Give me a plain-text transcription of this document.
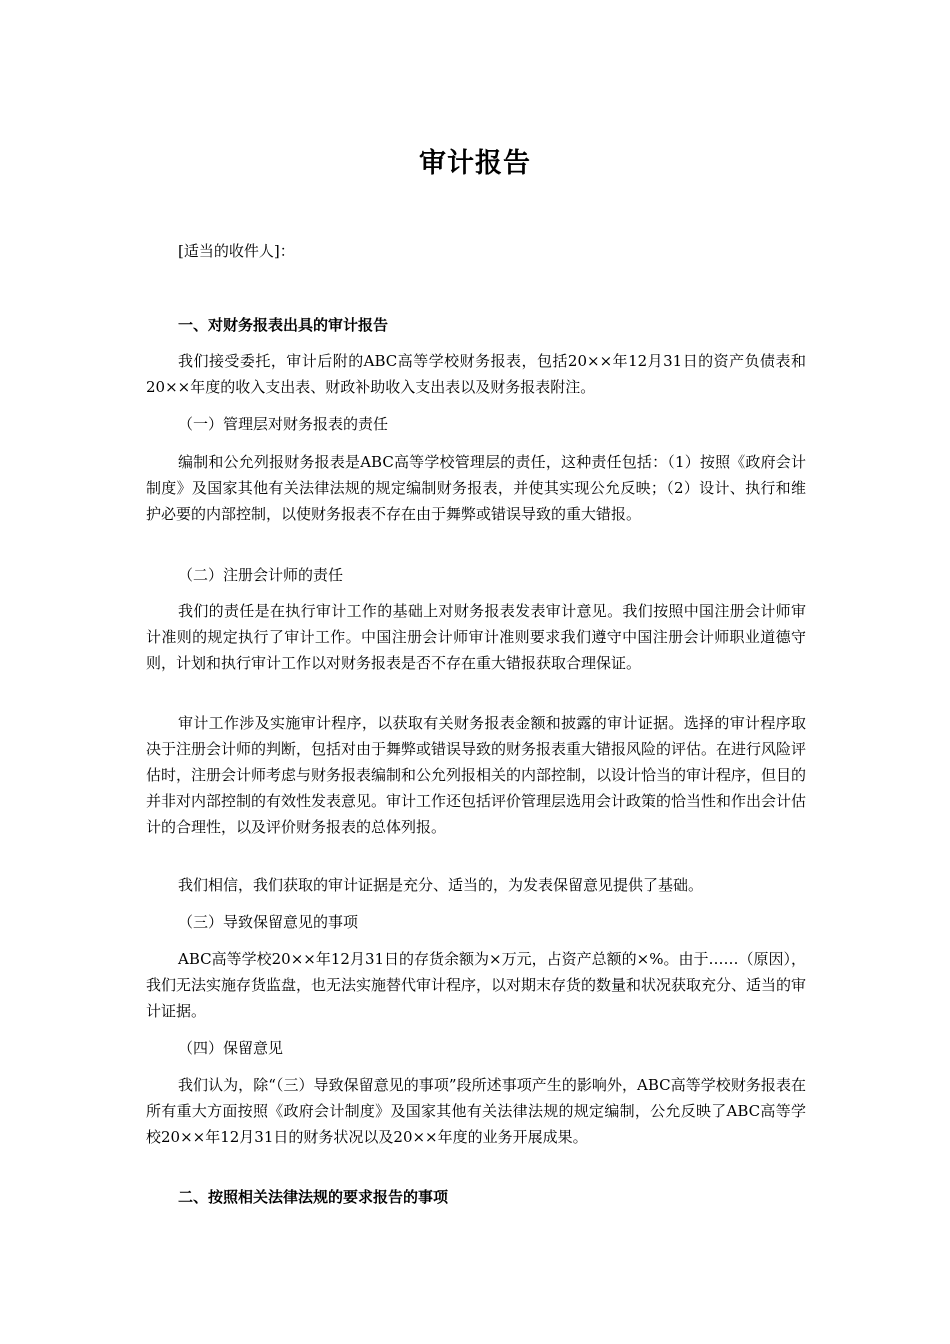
审计报告
[适当的收件人]：
一、对财务报表出具的审计报告
我们接受委托，审计后附的ABC高等学校财务报表，包括20××年12月31日的资产负债表和20××年度的收入支出表、财政补助收入支出表以及财务报表附注。
（一）管理层对财务报表的责任
编制和公允列报财务报表是ABC高等学校管理层的责任，这种责任包括：（1）按照《政府会计制度》及国家其他有关法律法规的规定编制财务报表，并使其实现公允反映；（2）设计、执行和维护必要的内部控制，以使财务报表不存在由于舞弊或错误导致的重大错报。
（二）注册会计师的责任
我们的责任是在执行审计工作的基础上对财务报表发表审计意见。我们按照中国注册会计师审计准则的规定执行了审计工作。中国注册会计师审计准则要求我们遵守中国注册会计师职业道德守则，计划和执行审计工作以对财务报表是否不存在重大错报获取合理保证。
审计工作涉及实施审计程序，以获取有关财务报表金额和披露的审计证据。选择的审计程序取决于注册会计师的判断，包括对由于舞弊或错误导致的财务报表重大错报风险的评估。在进行风险评估时，注册会计师考虑与财务报表编制和公允列报相关的内部控制，以设计恰当的审计程序，但目的并非对内部控制的有效性发表意见。审计工作还包括评价管理层选用会计政策的恰当性和作出会计估计的合理性，以及评价财务报表的总体列报。
我们相信，我们获取的审计证据是充分、适当的，为发表保留意见提供了基础。
（三）导致保留意见的事项
ABC高等学校20××年12月31日的存货余额为×万元，占资产总额的×%。由于……（原因），我们无法实施存货监盘，也无法实施替代审计程序，以对期末存货的数量和状况获取充分、适当的审计证据。
（四）保留意见
我们认为，除“（三）导致保留意见的事项”段所述事项产生的影响外，ABC高等学校财务报表在所有重大方面按照《政府会计制度》及国家其他有关法律法规的规定编制，公允反映了ABC高等学校20××年12月31日的财务状况以及20××年度的业务开展成果。
二、按照相关法律法规的要求报告的事项
